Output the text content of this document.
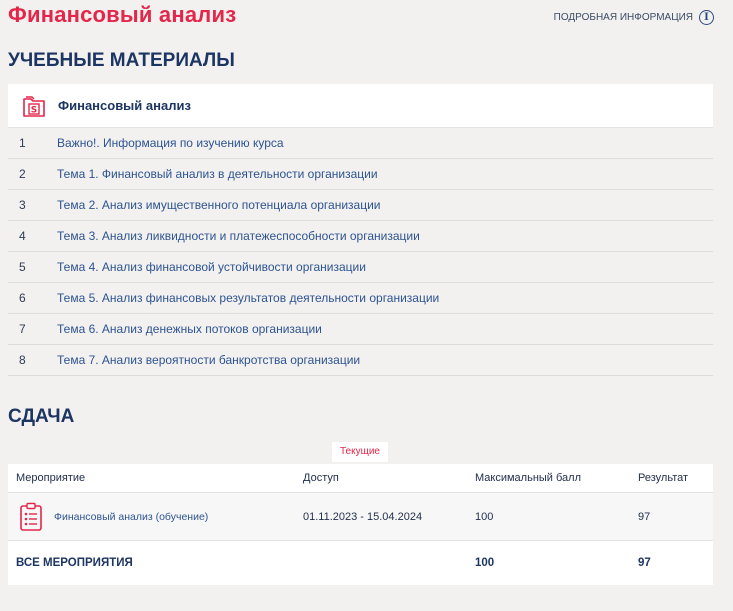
Финансовый анализ	ПОДРОБНАЯ ИНФОРМАЦИЯ	I
УЧЕБНЫЕ МАТЕРИАЛЫ
S Финансовый анализ
1	Важно!. Информация по изучению курса
2	Тема 1. Финансовый анализ в деятельности организации
3	Тема 2. Анализ имущественного потенциала организации
4	Тема 3. Анализ ликвидности и платежеспособности организации
5	Тема 4. Анализ финансовой устойчивости организации
6	Тема 5. Анализ финансовых результатов деятельности организации
7	Тема 6. Анализ денежных потоков организации
8	Тема 7. Анализ вероятности банкротства организации
СДАЧА
Текущие
Мероприятие	Доступ	Максимальный балл	Результат

Финансовый анализ (обучение)	01.11.2023 - 15.04.2024	100	97
ВСЕ МЕРОПРИЯТИЯ		100	97
